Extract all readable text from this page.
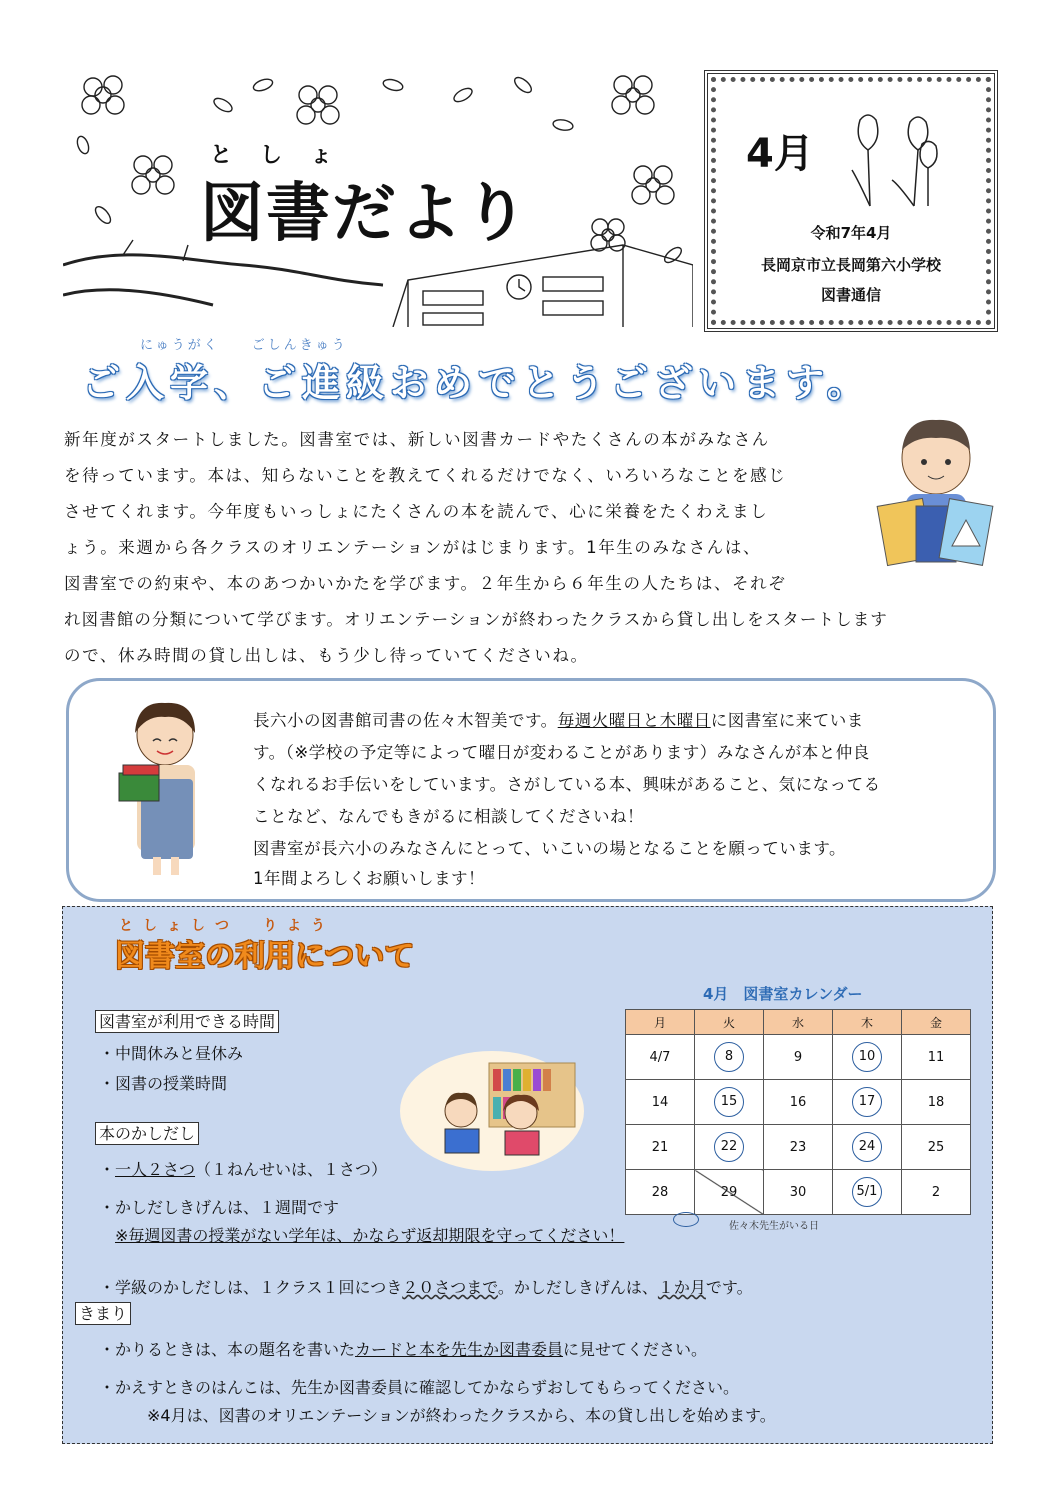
としょ
図書だより
4月
令和7年4月
長岡京市立長岡第六小学校
図書通信
にゅうがく　　ごしんきゅう
ご入学、ご進級おめでとうございます。
新年度がスタートしました。図書室では、新しい図書カードやたくさんの本がみなさん
を待っています。本は、知らないことを教えてくれるだけでなく、いろいろなことを感じ
させてくれます。今年度もいっしょにたくさんの本を読んで、心に栄養をたくわえまし
ょう。来週から各クラスのオリエンテーションがはじまります。1年生のみなさんは、
図書室での約束や、本のあつかいかたを学びます。２年生から６年生の人たちは、それぞ
れ図書館の分類について学びます。オリエンテーションが終わったクラスから貸し出しをスタートします
ので、休み時間の貸し出しは、もう少し待っていてくださいね。
長六小の図書館司書の佐々木智美です。毎週火曜日と木曜日に図書室に来ていま
す。（※学校の予定等によって曜日が変わることがあります）みなさんが本と仲良
くなれるお手伝いをしています。さがしている本、興味があること、気になってる
ことなど、なんでもきがるに相談してくださいね！
図書室が長六小のみなさんにとって、いこいの場となることを願っています。
1年間よろしくお願いします！
としょしつ　りよう
図書室の利用について
図書室が利用できる時間
・中間休みと昼休み
・図書の授業時間
本のかしだし
・一人２さつ（１ねんせいは、１さつ）
・かしだしきげんは、１週間です
※毎週図書の授業がない学年は、かならず返却期限を守ってください！
・学級のかしだしは、１クラス１回につき２０さつまで。かしだしきげんは、１か月です。
きまり
・かりるときは、本の題名を書いたカードと本を先生か図書委員に見せてください。
・かえすときのはんこは、先生か図書委員に確認してかならずおしてもらってください。
※4月は、図書のオリエンテーションが終わったクラスから、本の貸し出しを始めます。
4月　図書室カレンダー
月	火	水	木	金
4/7	8	9	10	11
14	15	16	17	18
21	22	23	24	25
28	29	30	5/1	2
佐々木先生がいる日
